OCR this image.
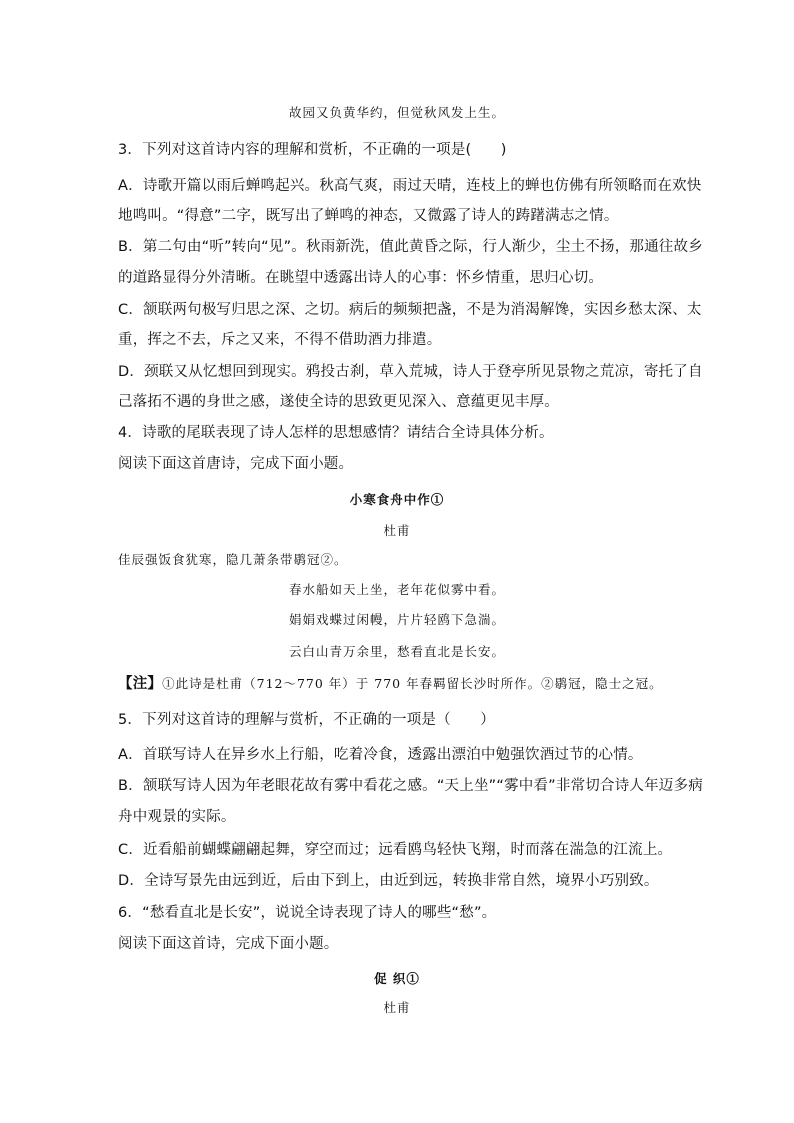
故园又负黄华约，但觉秋风发上生。
3．下列对这首诗内容的理解和赏析，不正确的一项是(　　)
A．诗歌开篇以雨后蝉鸣起兴。秋高气爽，雨过天晴，连枝上的蝉也仿佛有所领略而在欢快
地鸣叫。“得意”二字，既写出了蝉鸣的神态，又微露了诗人的踌躇满志之情。
B．第二句由“听”转向“见”。秋雨新洗，值此黄昏之际，行人渐少，尘土不扬，那通往故乡
的道路显得分外清晰。在眺望中透露出诗人的心事：怀乡情重，思归心切。
C．颔联两句极写归思之深、之切。病后的频频把盏，不是为消渴解馋，实因乡愁太深、太
重，挥之不去，斥之又来，不得不借助酒力排遣。
D．颈联又从忆想回到现实。鸦投古刹，草入荒城，诗人于登亭所见景物之荒凉，寄托了自
己落拓不遇的身世之感，遂使全诗的思致更见深入、意蕴更见丰厚。
4．诗歌的尾联表现了诗人怎样的思想感情？请结合全诗具体分析。
阅读下面这首唐诗，完成下面小题。
小寒食舟中作①
杜甫
佳辰强饭食犹寒，隐几萧条带鹖冠②。
春水船如天上坐，老年花似雾中看。
娟娟戏蝶过闲幔，片片轻鸥下急湍。
云白山青万余里，愁看直北是长安。
【注】①此诗是杜甫（712～770 年）于 770 年春羁留长沙时所作。②鹖冠，隐士之冠。
5．下列对这首诗的理解与赏析，不正确的一项是（　　）
A．首联写诗人在异乡水上行船，吃着冷食，透露出漂泊中勉强饮酒过节的心情。
B．颔联写诗人因为年老眼花故有雾中看花之感。“天上坐”“雾中看”非常切合诗人年迈多病
舟中观景的实际。
C．近看船前蝴蝶翩翩起舞，穿空而过；远看鸥鸟轻快飞翔，时而落在湍急的江流上。
D．全诗写景先由远到近，后由下到上，由近到远，转换非常自然，境界小巧别致。
6．“愁看直北是长安”，说说全诗表现了诗人的哪些“愁”。
阅读下面这首诗，完成下面小题。
促 织①
杜甫
